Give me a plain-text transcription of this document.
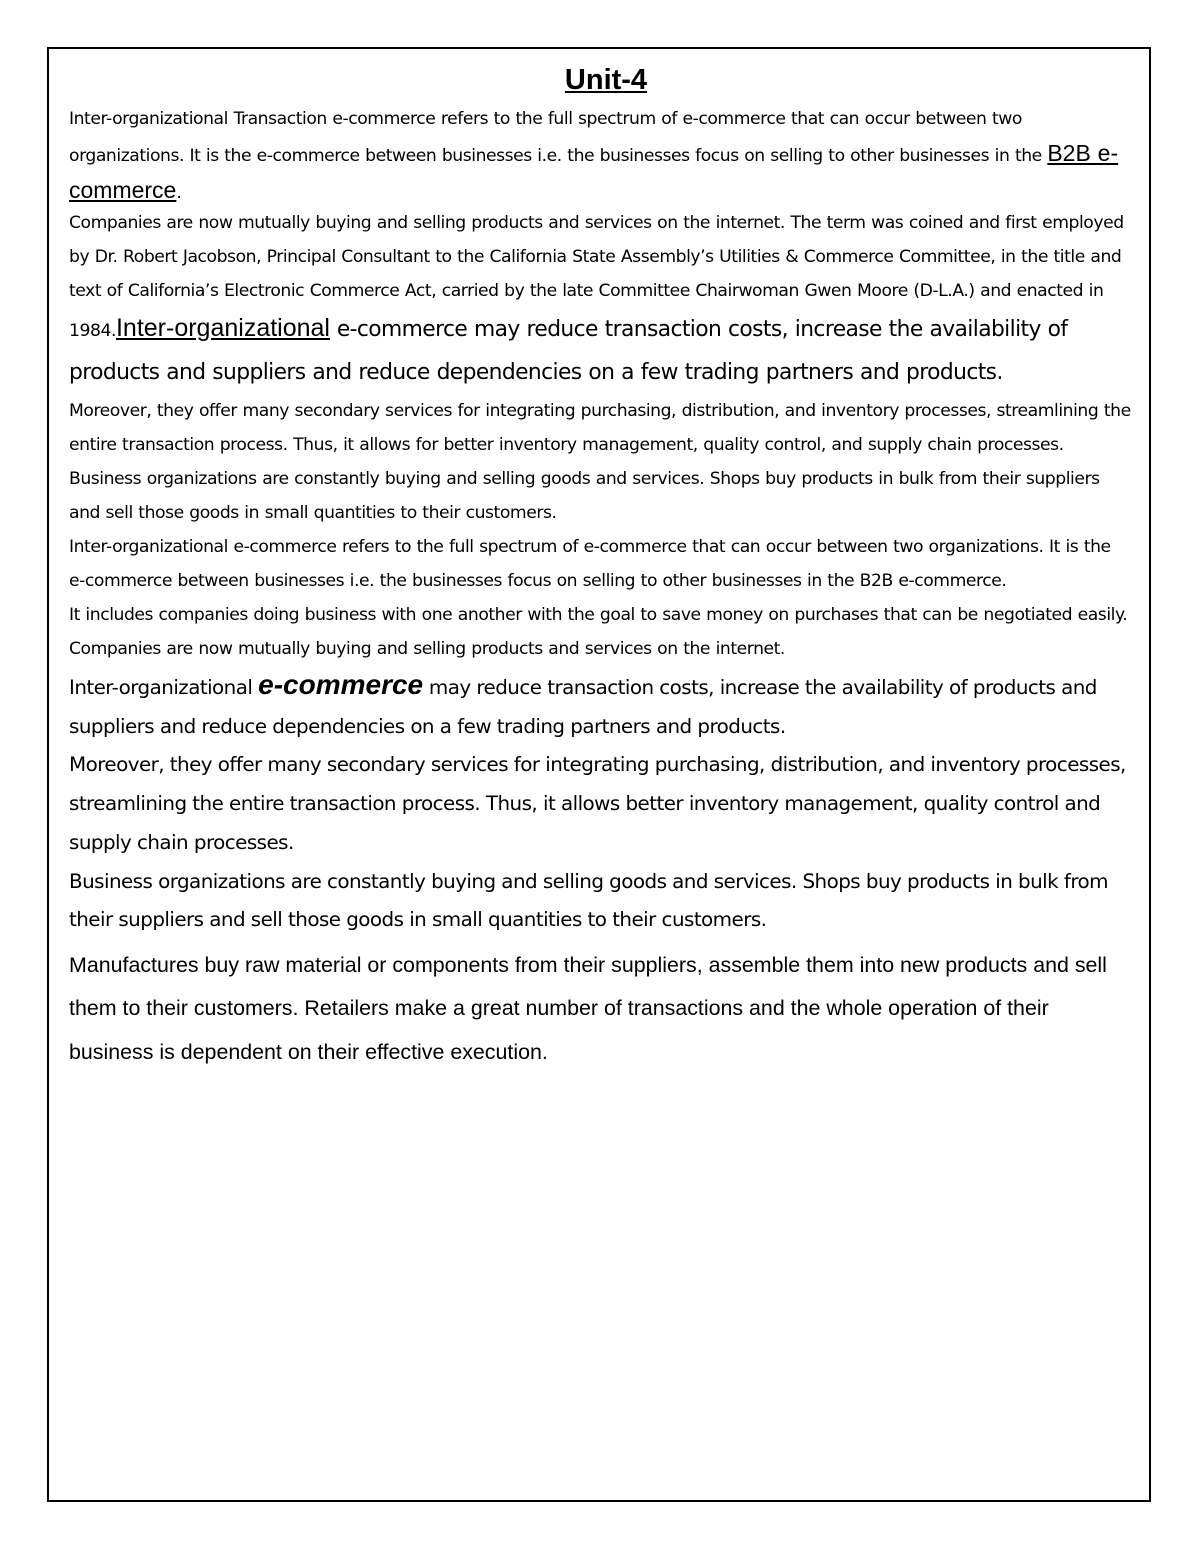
Unit-4

Inter-organizational Transaction e-commerce refers to the full spectrum of e-commerce that can occur between two organizations. It is the e-commerce between businesses i.e. the businesses focus on selling to other businesses in the B2B e-commerce.

Companies are now mutually buying and selling products and services on the internet. The term was coined and first employed by Dr. Robert Jacobson, Principal Consultant to the California State Assembly’s Utilities & Commerce Committee, in the title and text of California’s Electronic Commerce Act, carried by the late Committee Chairwoman Gwen Moore (D-L.A.) and enacted in 1984.Inter-organizational e-commerce may reduce transaction costs, increase the availability of products and suppliers and reduce dependencies on a few trading partners and products.

Moreover, they offer many secondary services for integrating purchasing, distribution, and inventory processes, streamlining the entire transaction process. Thus, it allows for better inventory management, quality control, and supply chain processes.

Business organizations are constantly buying and selling goods and services. Shops buy products in bulk from their suppliers and sell those goods in small quantities to their customers.

Inter-organizational e-commerce refers to the full spectrum of e-commerce that can occur between two organizations. It is the e-commerce between businesses i.e. the businesses focus on selling to other businesses in the B2B e-commerce.

It includes companies doing business with one another with the goal to save money on purchases that can be negotiated easily. Companies are now mutually buying and selling products and services on the internet.

Inter-organizational e-commerce may reduce transaction costs, increase the availability of products and suppliers and reduce dependencies on a few trading partners and products.

Moreover, they offer many secondary services for integrating purchasing, distribution, and inventory processes, streamlining the entire transaction process. Thus, it allows better inventory management, quality control and supply chain processes.

Business organizations are constantly buying and selling goods and services. Shops buy products in bulk from their suppliers and sell those goods in small quantities to their customers.

Manufactures buy raw material or components from their suppliers, assemble them into new products and sell them to their customers. Retailers make a great number of transactions and the whole operation of their business is dependent on their effective execution.
